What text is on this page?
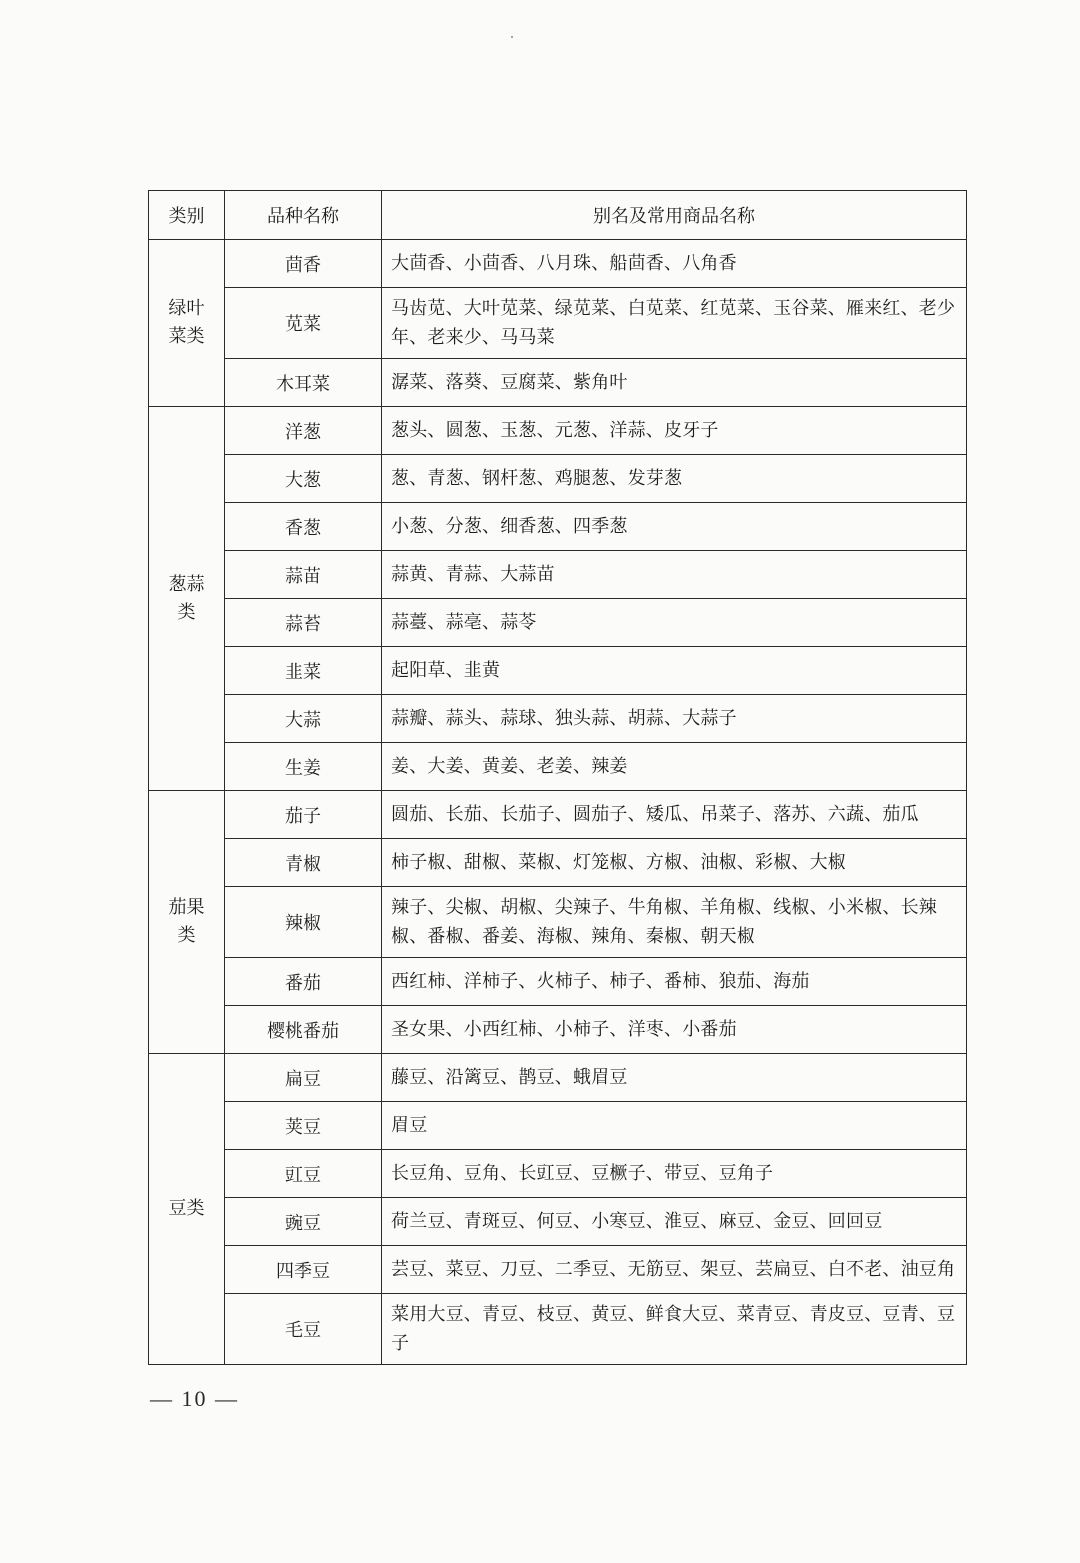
类别	品种名称	别名及常用商品名称
绿叶菜类	茴香	大茴香、小茴香、八月珠、船茴香、八角香
	苋菜	马齿苋、大叶苋菜、绿苋菜、白苋菜、红苋菜、玉谷菜、雁来红、老少年、老来少、马马菜
	木耳菜	潺菜、落葵、豆腐菜、紫角叶
葱蒜类	洋葱	葱头、圆葱、玉葱、元葱、洋蒜、皮牙子
	大葱	葱、青葱、钢杆葱、鸡腿葱、发芽葱
	香葱	小葱、分葱、细香葱、四季葱
	蒜苗	蒜黄、青蒜、大蒜苗
	蒜苔	蒜薹、蒜亳、蒜苓
	韭菜	起阳草、韭黄
	大蒜	蒜瓣、蒜头、蒜球、独头蒜、胡蒜、大蒜子
	生姜	姜、大姜、黄姜、老姜、辣姜
茄果类	茄子	圆茄、长茄、长茄子、圆茄子、矮瓜、吊菜子、落苏、六蔬、茄瓜
	青椒	柿子椒、甜椒、菜椒、灯笼椒、方椒、油椒、彩椒、大椒
	辣椒	辣子、尖椒、胡椒、尖辣子、牛角椒、羊角椒、线椒、小米椒、长辣椒、番椒、番姜、海椒、辣角、秦椒、朝天椒
	番茄	西红柿、洋柿子、火柿子、柿子、番柿、狼茄、海茄
	樱桃番茄	圣女果、小西红柿、小柿子、洋枣、小番茄
豆类	扁豆	藤豆、沿篱豆、鹊豆、蛾眉豆
	荚豆	眉豆
	豇豆	长豆角、豆角、长豇豆、豆橛子、带豆、豆角子
	豌豆	荷兰豆、青斑豆、何豆、小寒豆、淮豆、麻豆、金豆、回回豆
	四季豆	芸豆、菜豆、刀豆、二季豆、无筋豆、架豆、芸扁豆、白不老、油豆角
	毛豆	菜用大豆、青豆、枝豆、黄豆、鲜食大豆、菜青豆、青皮豆、豆青、豆子
— 10 —
